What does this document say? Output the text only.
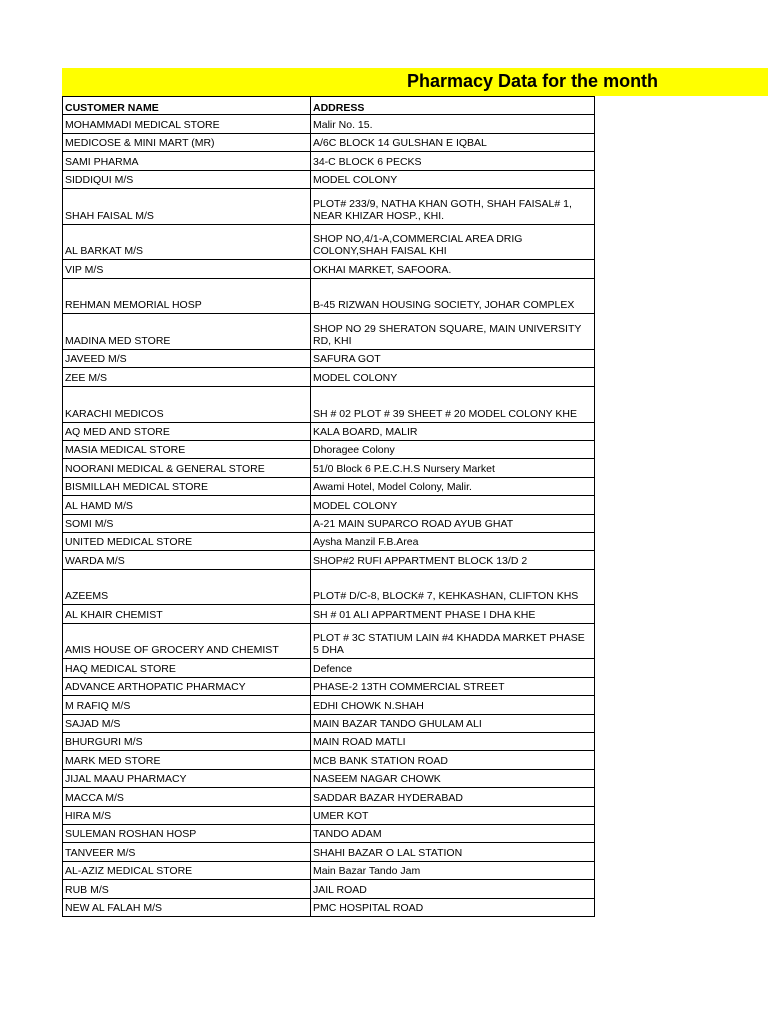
Pharmacy Data for the month
CUSTOMER NAME	ADDRESS

MOHAMMADI MEDICAL STORE	Malir No. 15.

MEDICOSE & MINI MART (MR)	A/6C BLOCK 14 GULSHAN E IQBAL

SAMI PHARMA	34-C BLOCK 6 PECKS

SIDDIQUI M/S	MODEL COLONY

SHAH FAISAL M/S	PLOT# 233/9, NATHA KHAN GOTH, SHAH FAISAL# 1, NEAR KHIZAR HOSP., KHI.

AL BARKAT M/S	SHOP NO,4/1-A,COMMERCIAL AREA DRIG COLONY,SHAH FAISAL KHI

VIP M/S	OKHAI MARKET, SAFOORA.

REHMAN MEMORIAL HOSP	B-45 RIZWAN HOUSING SOCIETY, JOHAR COMPLEX

MADINA MED STORE	SHOP NO 29 SHERATON SQUARE, MAIN UNIVERSITY RD, KHI

JAVEED M/S	SAFURA GOT

ZEE M/S	MODEL COLONY

KARACHI MEDICOS	SH # 02 PLOT # 39 SHEET # 20 MODEL COLONY KHE

AQ MED AND STORE	KALA BOARD, MALIR

MASIA MEDICAL STORE	Dhoragee Colony

NOORANI MEDICAL & GENERAL STORE	51/0 Block 6 P.E.C.H.S Nursery Market

BISMILLAH MEDICAL STORE	Awami Hotel, Model Colony, Malir.

AL HAMD M/S	MODEL COLONY

SOMI M/S	A-21 MAIN SUPARCO ROAD AYUB GHAT

UNITED MEDICAL STORE	Aysha Manzil F.B.Area

WARDA M/S	SHOP#2 RUFI APPARTMENT BLOCK 13/D 2

AZEEMS	PLOT# D/C-8, BLOCK# 7, KEHKASHAN, CLIFTON KHS

AL KHAIR CHEMIST	SH # 01 ALI APPARTMENT PHASE I DHA KHE

AMIS HOUSE OF GROCERY AND CHEMIST	PLOT # 3C STATIUM LAIN #4 KHADDA MARKET PHASE 5 DHA

HAQ MEDICAL STORE	Defence

ADVANCE ARTHOPATIC PHARMACY	PHASE-2 13TH COMMERCIAL STREET

M RAFIQ M/S	EDHI CHOWK N.SHAH

SAJAD M/S	MAIN BAZAR TANDO GHULAM ALI

BHURGURI M/S	MAIN ROAD MATLI

MARK MED STORE	MCB BANK STATION ROAD

JIJAL MAAU PHARMACY	NASEEM NAGAR CHOWK

MACCA M/S	SADDAR BAZAR HYDERABAD

HIRA M/S	UMER KOT

SULEMAN ROSHAN HOSP	TANDO ADAM

TANVEER M/S	SHAHI BAZAR O LAL STATION

AL-AZIZ MEDICAL STORE	Main Bazar Tando Jam

RUB M/S	JAIL ROAD

NEW AL FALAH M/S	PMC HOSPITAL ROAD
